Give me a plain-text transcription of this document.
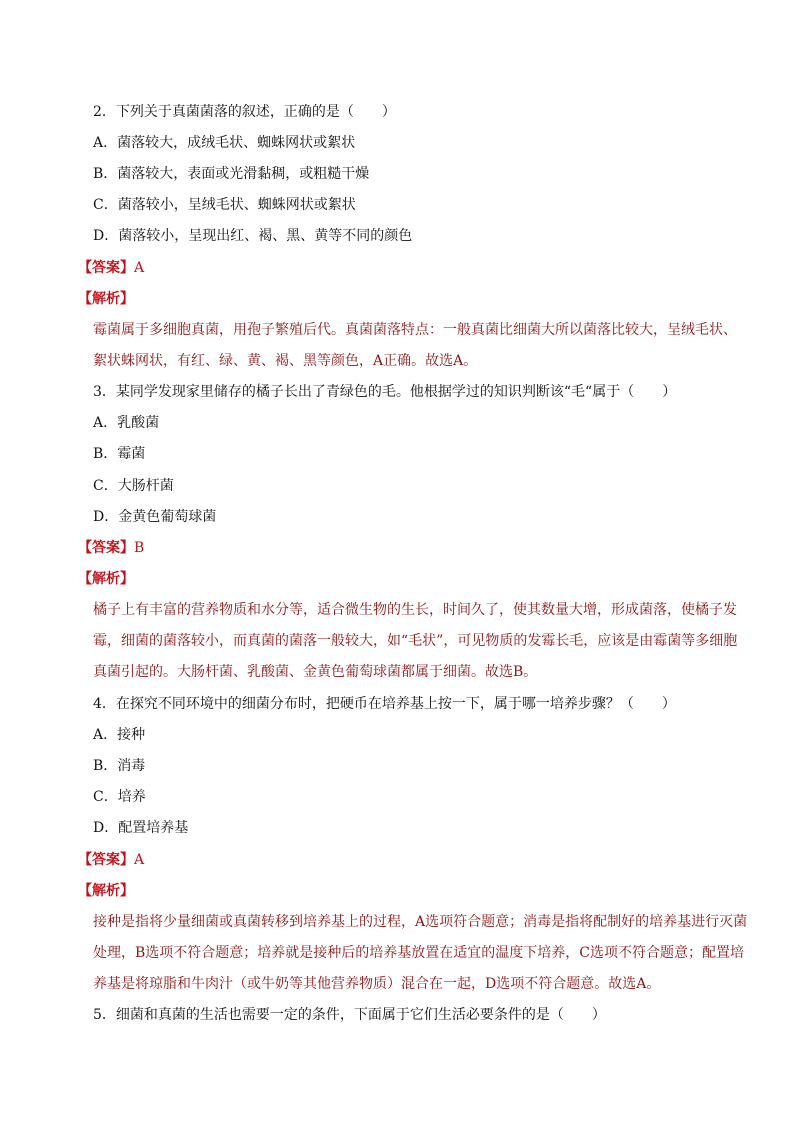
2．下列关于真菌菌落的叙述，正确的是（　　）
A．菌落较大，成绒毛状、蜘蛛网状或絮状
B．菌落较大，表面或光滑黏稠，或粗糙干燥
C．菌落较小，呈绒毛状、蜘蛛网状或絮状
D．菌落较小，呈现出红、褐、黑、黄等不同的颜色
【答案】A
【解析】
霉菌属于多细胞真菌，用孢子繁殖后代。真菌菌落特点：一般真菌比细菌大所以菌落比较大，呈绒毛状、
絮状蛛网状，有红、绿、黄、褐、黑等颜色，A正确。故选A。
3．某同学发现家里储存的橘子长出了青绿色的毛。他根据学过的知识判断该“毛“属于（　　）
A．乳酸菌
B．霉菌
C．大肠杆菌
D．金黄色葡萄球菌
【答案】B
【解析】
橘子上有丰富的营养物质和水分等，适合微生物的生长，时间久了，使其数量大增，形成菌落，使橘子发
霉，细菌的菌落较小，而真菌的菌落一般较大，如“毛状”，可见物质的发霉长毛，应该是由霉菌等多细胞
真菌引起的。大肠杆菌、乳酸菌、金黄色葡萄球菌都属于细菌。故选B。
4．在探究不同环境中的细菌分布时，把硬币在培养基上按一下，属于哪一培养步骤？（　　）
A．接种
B．消毒
C．培养
D．配置培养基
【答案】A
【解析】
接种是指将少量细菌或真菌转移到培养基上的过程，A选项符合题意；消毒是指将配制好的培养基进行灭菌
处理，B选项不符合题意；培养就是接种后的培养基放置在适宜的温度下培养，C选项不符合题意；配置培
养基是将琼脂和牛肉汁（或牛奶等其他营养物质）混合在一起，D选项不符合题意。故选A。
5．细菌和真菌的生活也需要一定的条件，下面属于它们生活必要条件的是（　　）
